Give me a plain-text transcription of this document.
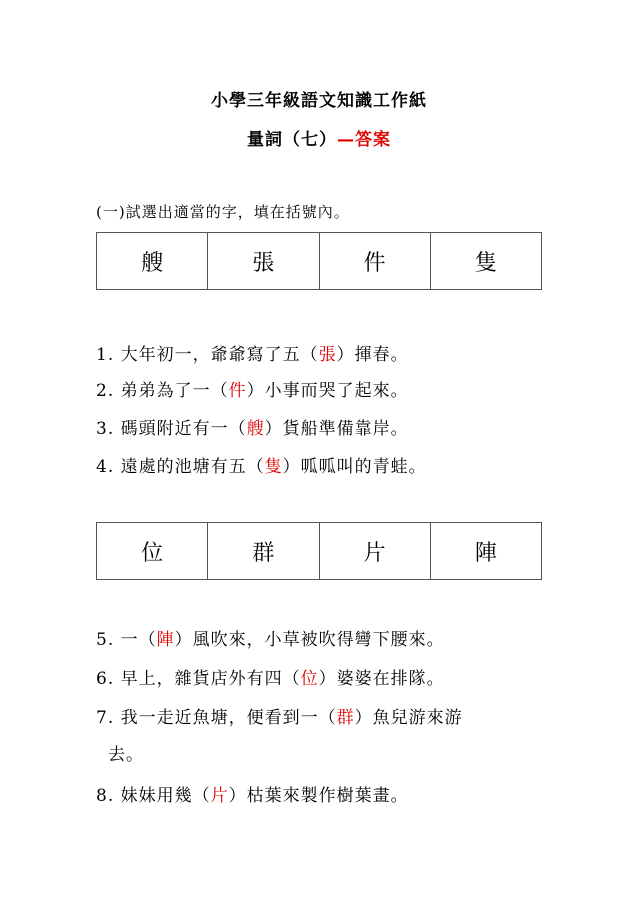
小學三年級語文知識工作紙
量詞（七）—答案
(一)試選出適當的字，填在括號內。
艘	張	件	隻
1. 大年初一，爺爺寫了五（張）揮春。
2. 弟弟為了一（件）小事而哭了起來。
3. 碼頭附近有一（艘）貨船準備靠岸。
4. 遠處的池塘有五（隻）呱呱叫的青蛙。
位	群	片	陣
5. 一（陣）風吹來，小草被吹得彎下腰來。
6. 早上，雜貨店外有四（位）婆婆在排隊。
7. 我一走近魚塘，便看到一（群）魚兒游來游
去。
8. 妹妹用幾（片）枯葉來製作樹葉畫。
